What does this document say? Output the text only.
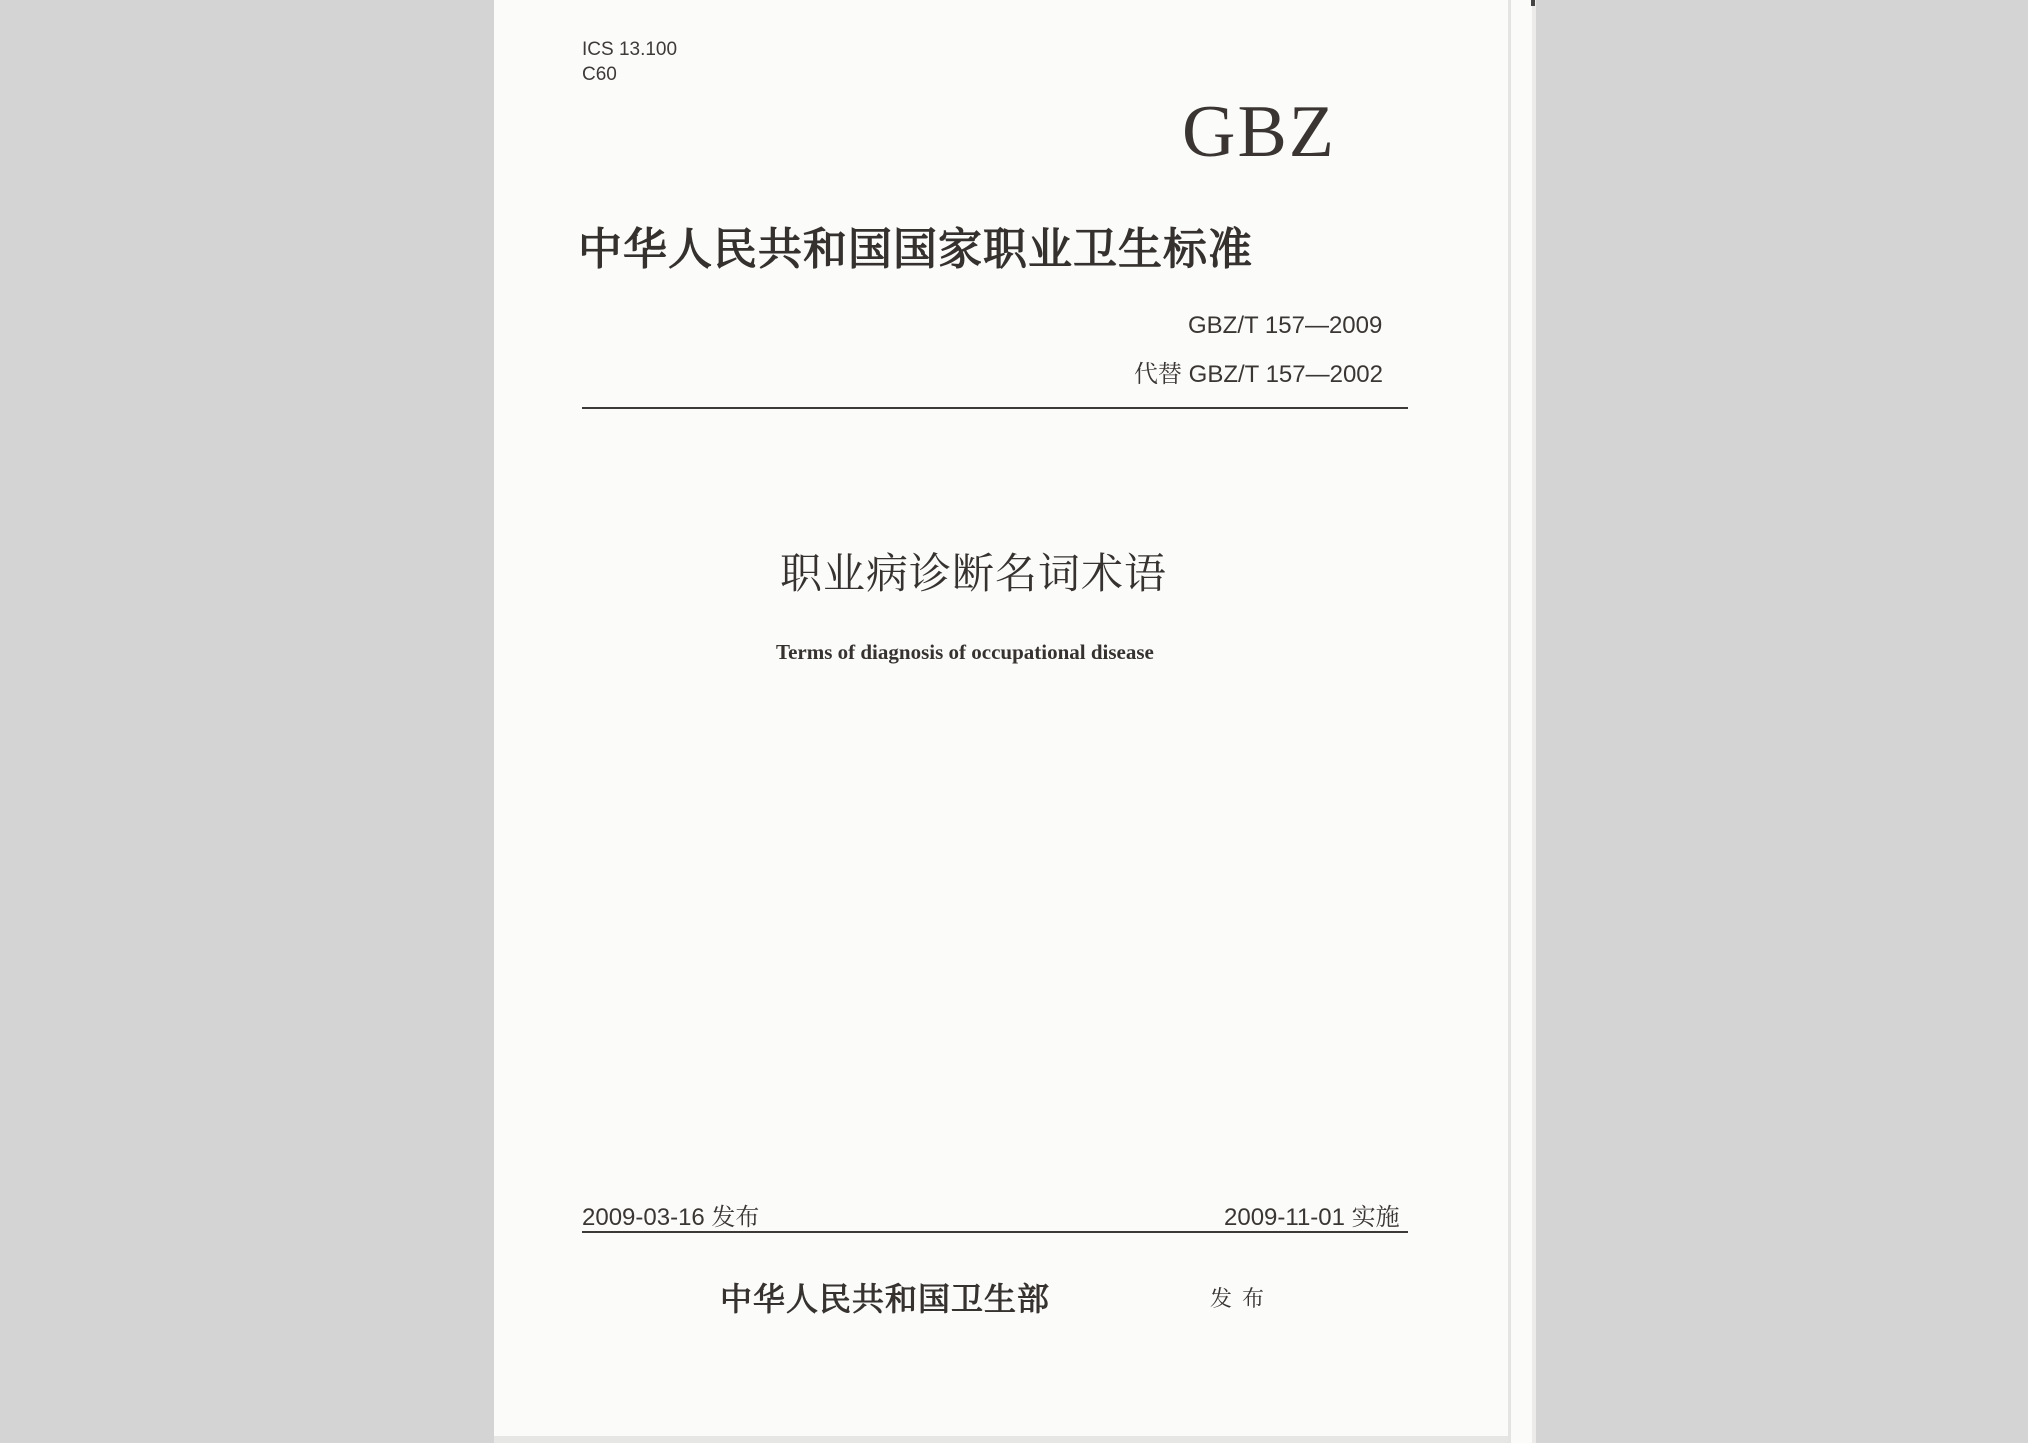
ICS 13.100
C60
GBZ
中华人民共和国国家职业卫生标准
GBZ/T 157—2009
代替 GBZ/T 157—2002
职业病诊断名词术语
Terms of diagnosis of occupational disease
2009-03-16 发布	2009-11-01 实施
中华人民共和国卫生部	发布
